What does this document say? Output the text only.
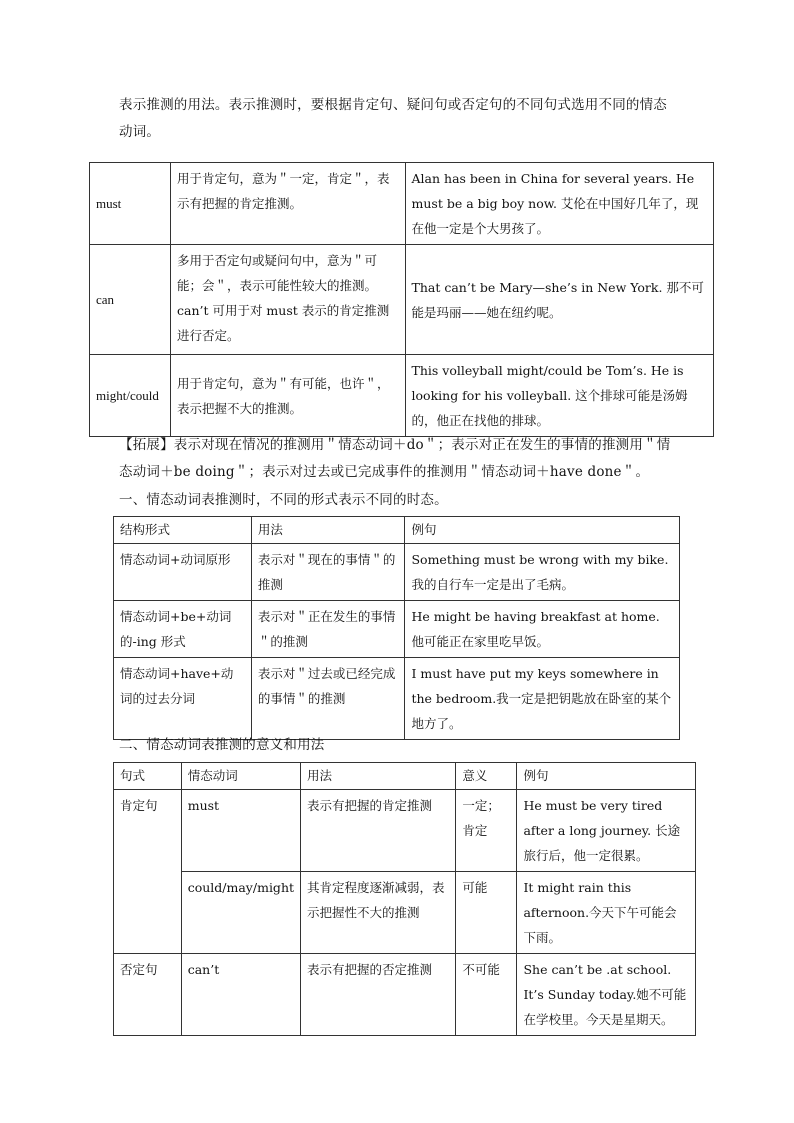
表示推测的用法。表示推测时，要根据肯定句、疑问句或否定句的不同句式选用不同的情态
动词。
must	用于肯定句，意为＂一定，肯定＂，表示有把握的肯定推测。	Alan has been in China for several years. He must be a big boy now. 艾伦在中国好几年了，现在他一定是个大男孩了。
can	多用于否定句或疑问句中，意为＂可能；会＂，表示可能性较大的推测。can’t 可用于对 must 表示的肯定推测进行否定。	That can’t be Mary—she’s in New York. 那不可能是玛丽——她在纽约呢。
might/could	用于肯定句，意为＂有可能，也许＂，表示把握不大的推测。	This volleyball might/could be Tom’s. He is looking for his volleyball. 这个排球可能是汤姆的，他正在找他的排球。
【拓展】表示对现在情况的推测用＂情态动词＋do＂；表示对正在发生的事情的推测用＂情
态动词＋be doing＂；表示对过去或已完成事件的推测用＂情态动词＋have done＂。
一、情态动词表推测时，不同的形式表示不同的时态。
结构形式	用法	例句
情态动词+动词原形	表示对＂现在的事情＂的推测	Something must be wrong with my bike. 我的自行车一定是出了毛病。
情态动词+be+动词的-ing 形式	表示对＂正在发生的事情＂的推测	He might be having breakfast at home. 他可能正在家里吃早饭。
情态动词+have+动词的过去分词	表示对＂过去或已经完成的事情＂的推测	I must have put my keys somewhere in the bedroom.我一定是把钥匙放在卧室的某个地方了。
二、情态动词表推测的意义和用法
句式	情态动词	用法	意义	例句
肯定句	must	表示有把握的肯定推测	一定；肯定	He must be very tired after a long journey. 长途旅行后，他一定很累。
	could/may/might	其肯定程度逐渐减弱，表示把握性不大的推测	可能	It might rain this afternoon.今天下午可能会下雨。
否定句	can’t	表示有把握的否定推测	不可能	She can’t be .at school. It’s Sunday today.她不可能在学校里。今天是星期天。
